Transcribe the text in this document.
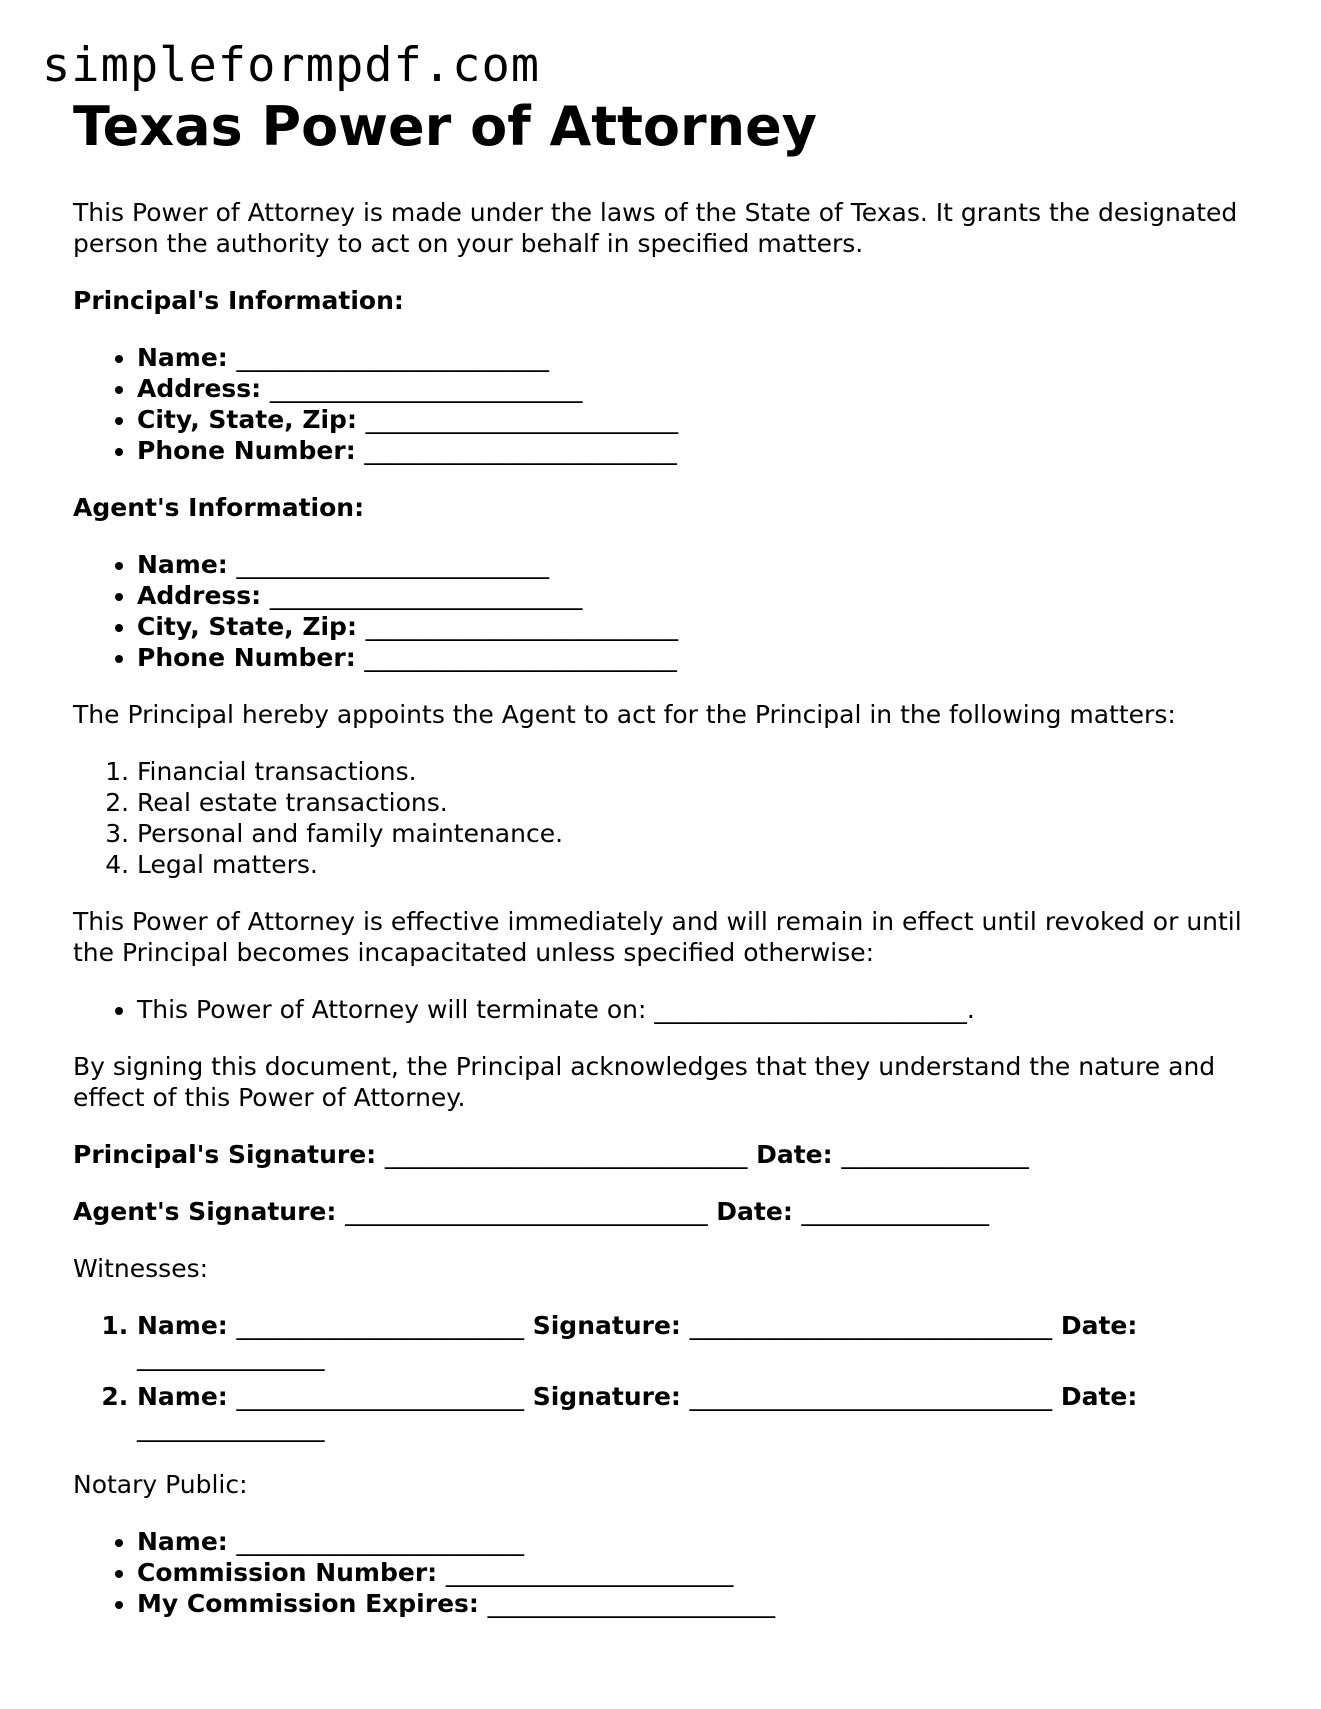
simpleformpdf.com
Texas Power of Attorney

This Power of Attorney is made under the laws of the State of Texas. It grants the designated person the authority to act on your behalf in specified matters.

Principal's Information:

• Name: _________________________
• Address: _________________________
• City, State, Zip: _________________________
• Phone Number: _________________________

Agent's Information:

• Name: _________________________
• Address: _________________________
• City, State, Zip: _________________________
• Phone Number: _________________________

The Principal hereby appoints the Agent to act for the Principal in the following matters:

1. Financial transactions.
2. Real estate transactions.
3. Personal and family maintenance.
4. Legal matters.

This Power of Attorney is effective immediately and will remain in effect until revoked or until the Principal becomes incapacitated unless specified otherwise:

• This Power of Attorney will terminate on: _________________________.

By signing this document, the Principal acknowledges that they understand the nature and effect of this Power of Attorney.

Principal's Signature: _____________________________ Date: _______________
Agent's Signature: _____________________________ Date: _______________

Witnesses:

1. Name: _______________________ Signature: _____________________________ Date: _______________
2. Name: _______________________ Signature: _____________________________ Date: _______________

Notary Public:

• Name: _______________________
• Commission Number: _______________________
• My Commission Expires: _______________________
